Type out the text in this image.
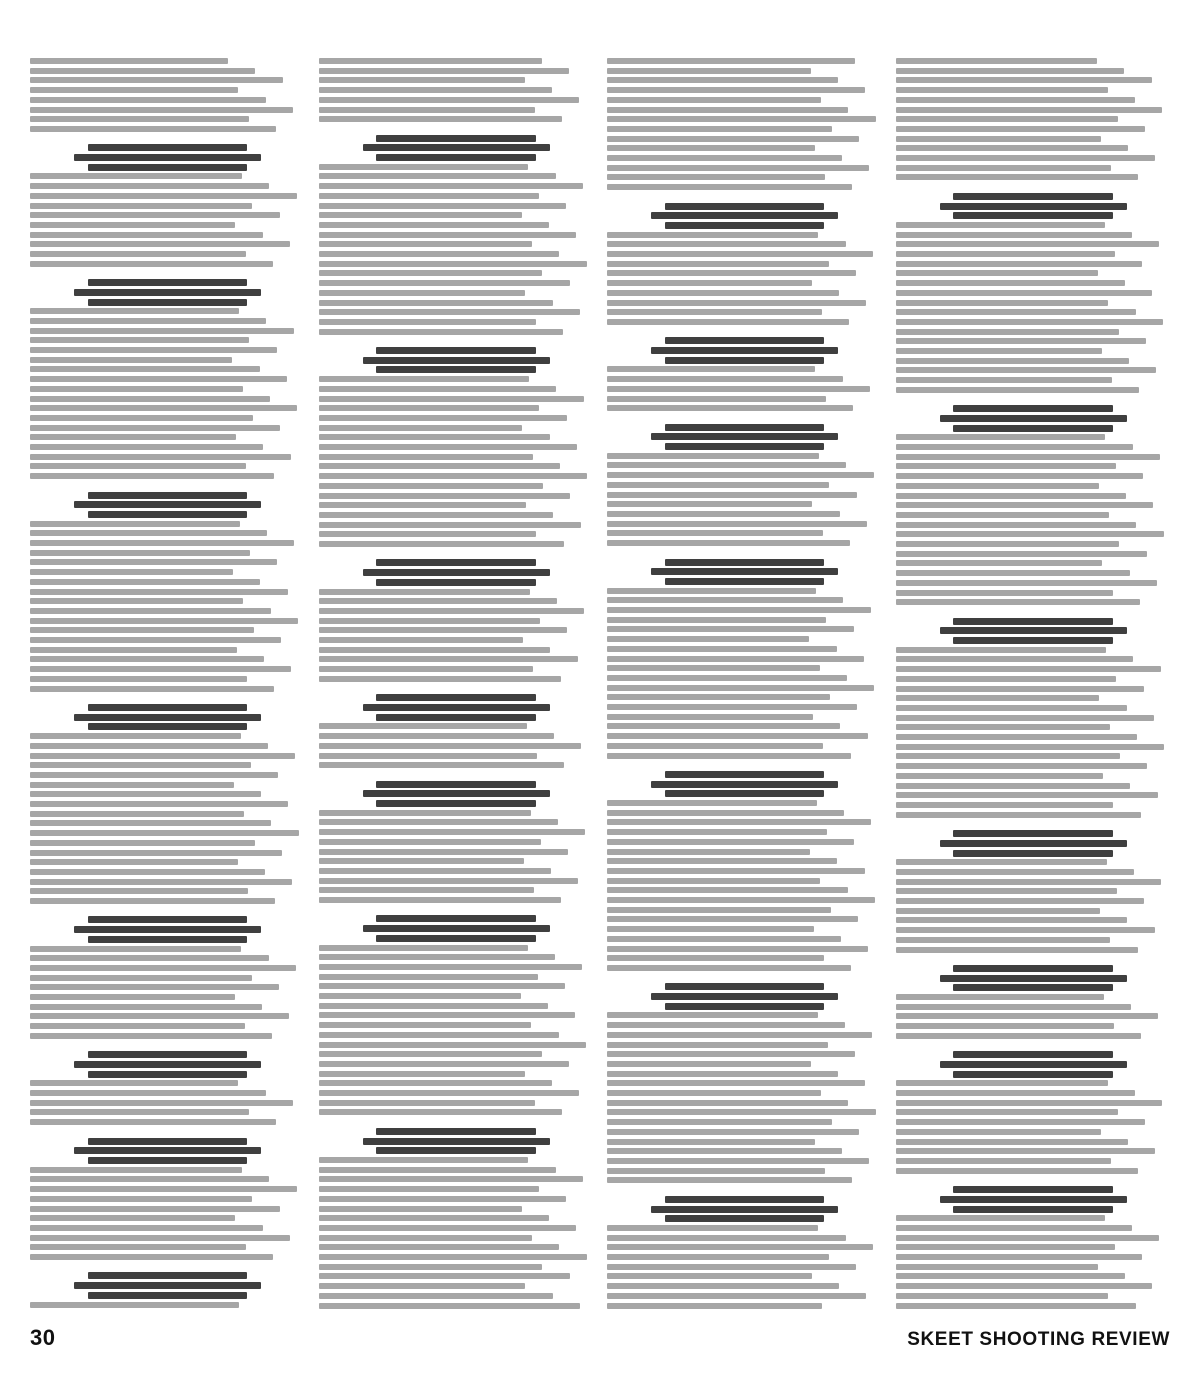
30	SKEET SHOOTING REVIEW
